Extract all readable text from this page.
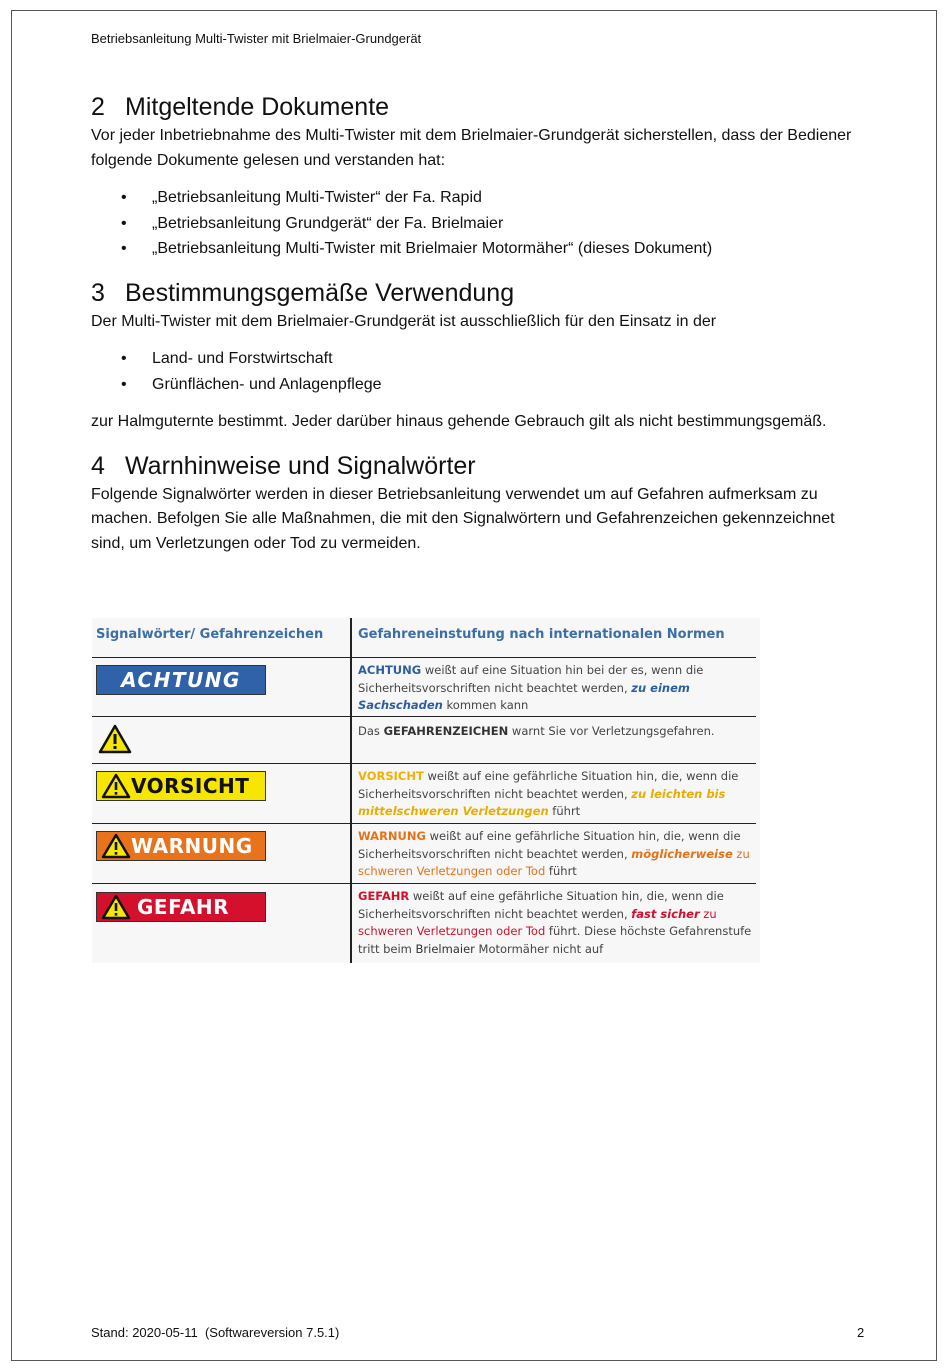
Betriebsanleitung Multi-Twister mit Brielmaier-Grundgerät
2 Mitgeltende Dokumente

Vor jeder Inbetriebnahme des Multi-Twister mit dem Brielmaier-Grundgerät sicherstellen, dass der Bediener folgende Dokumente gelesen und verstanden hat:

• „Betriebsanleitung Multi-Twister“ der Fa. Rapid
• „Betriebsanleitung Grundgerät“ der Fa. Brielmaier
• „Betriebsanleitung Multi-Twister mit Brielmaier Motormäher“ (dieses Dokument)
3 Bestimmungsgemäße Verwendung

Der Multi-Twister mit dem Brielmaier-Grundgerät ist ausschließlich für den Einsatz in der

• Land- und Forstwirtschaft
• Grünflächen- und Anlagenpflege

zur Halmguternte bestimmt. Jeder darüber hinaus gehende Gebrauch gilt als nicht bestimmungsgemäß.

4 Warnhinweise und Signalwörter

Folgende Signalwörter werden in dieser Betriebsanleitung verwendet um auf Gefahren aufmerksam zu machen. Befolgen Sie alle Maßnahmen, die mit den Signalwörtern und Gefahrenzeichen gekennzeichnet sind, um Verletzungen oder Tod zu vermeiden.

Signalwörter/ Gefahrenzeichen	Gefahreneinstufung nach internationalen Normen
ACHTUNG	ACHTUNG weißt auf eine Situation hin bei der es, wenn die Sicherheitsvorschriften nicht beachtet werden, zu einem Sachschaden kommen kann
Das GEFAHRENZEICHEN warnt Sie vor Verletzungsgefahren.
VORSICHT	VORSICHT weißt auf eine gefährliche Situation hin, die, wenn die Sicherheitsvorschriften nicht beachtet werden, zu leichten bis mittelschweren Verletzungen führt
WARNUNG	WARNUNG weißt auf eine gefährliche Situation hin, die, wenn die Sicherheitsvorschriften nicht beachtet werden, möglicherweise zu schweren Verletzungen oder Tod führt
GEFAHR	GEFAHR weißt auf eine gefährliche Situation hin, die, wenn die Sicherheitsvorschriften nicht beachtet werden, fast sicher zu schweren Verletzungen oder Tod führt. Diese höchste Gefahrenstufe tritt beim Brielmaier Motormäher nicht auf
Stand: 2020-05-11  (Softwareversion 7.5.1)	2
